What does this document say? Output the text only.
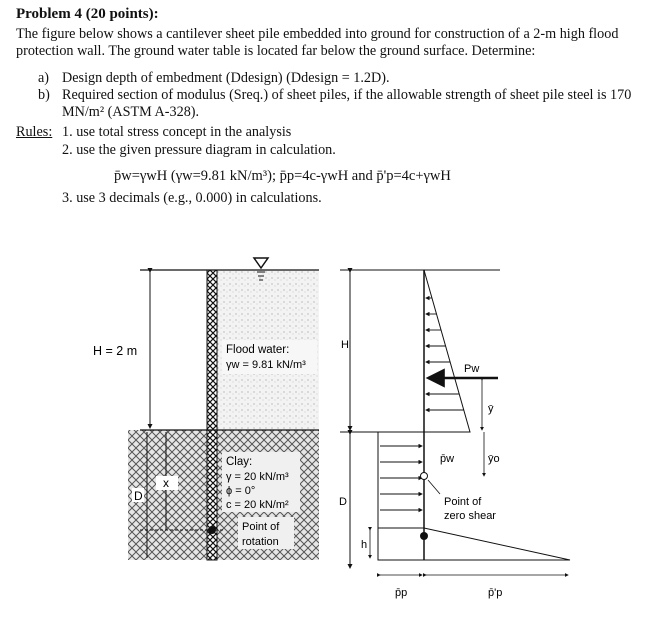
Problem 4 (20 points):
The figure below shows a cantilever sheet pile embedded into ground for construction of a 2-m high flood protection wall. The ground water table is located far below the ground surface. Determine:
a) Design depth of embedment (Ddesign) (Ddesign = 1.2D).
b) Required section of modulus (Sreq.) of sheet piles, if the allowable strength of sheet pile steel is 170 MN/m² (ASTM A-328).
Rules: 1. use total stress concept in the analysis
2. use the given pressure diagram in calculation.
p̄w=γwH (γw=9.81 kN/m³); p̄p=4c-γwH and p̄'p=4c+γwH
3. use 3 decimals (e.g., 0.000) in calculations.
H = 2 m
D
x
Flood water:
γw = 9.81 kN/m³
Clay:
γ = 20 kN/m³
ϕ = 0°
c = 20 kN/m²
Point of
rotation
H
D
Pw
ȳ
ȳo
p̄w
Point of
zero shear
h
p̄p	p̄'p
